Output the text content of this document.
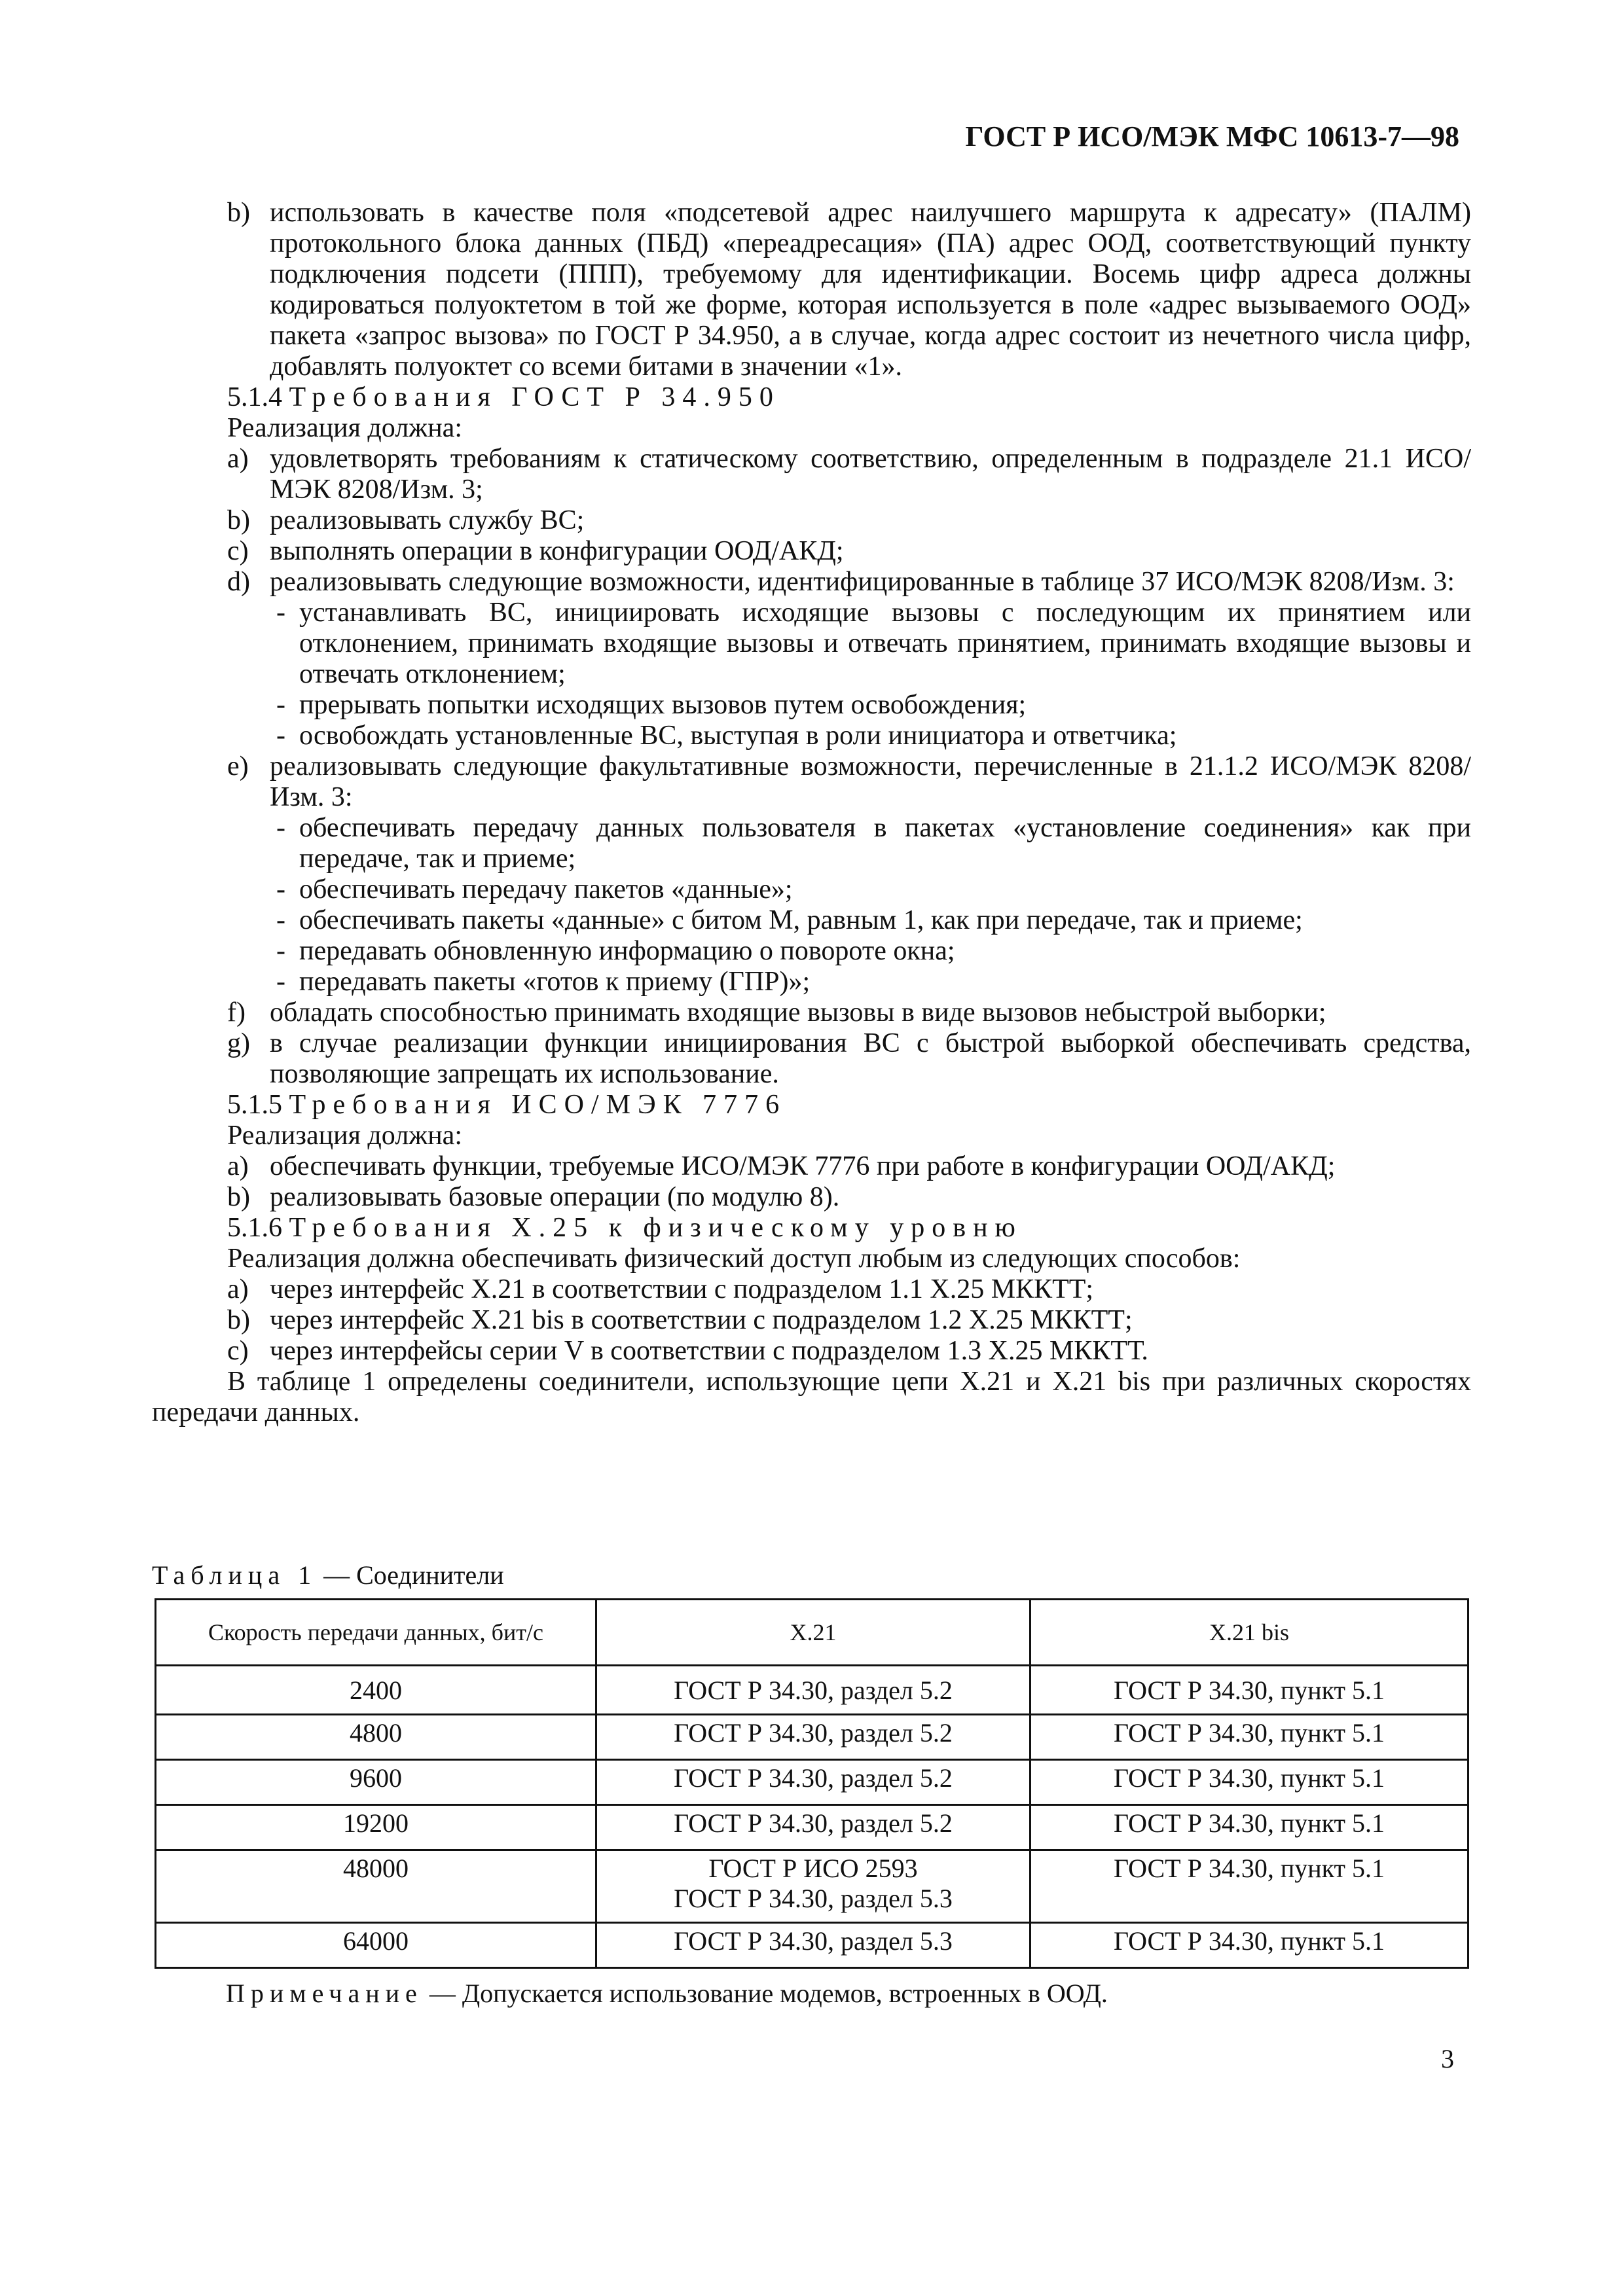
ГОСТ Р ИСО/МЭК МФС 10613-7—98
b) использовать в качестве поля «подсетевой адрес наилучшего маршрута к адресату» (ПАЛМ) протокольного блока данных (ПБД) «переадресация» (ПА) адрес ООД, соответствующий пункту подключения подсети (ППП), требуемому для идентификации. Восемь цифр адреса должны кодироваться полуоктетом в той же форме, которая используется в поле «адрес вызываемого ООД» пакета «запрос вызова» по ГОСТ Р 34.950, а в случае, когда адрес состоит из нечетного числа цифр, добавлять полуоктет со всеми битами в значении «1».
5.1.4 Требования ГОСТ Р 34.950

Реализация должна:

a) удовлетворять требованиям к статическому соответствию, определенным в подразделе 21.1 ИСО/МЭК 8208/Изм. 3;
b) реализовывать службу ВС;
c) выполнять операции в конфигурации ООД/АКД;
d) реализовывать следующие возможности, идентифицированные в таблице 37 ИСО/МЭК 8208/Изм. 3:
- устанавливать ВС, инициировать исходящие вызовы с последующим их принятием или отклонением, принимать входящие вызовы и отвечать принятием, принимать входящие вызовы и отвечать отклонением;
- прерывать попытки исходящих вызовов путем освобождения;
- освобождать установленные ВС, выступая в роли инициатора и ответчика;
e) реализовывать следующие факультативные возможности, перечисленные в 21.1.2 ИСО/МЭК 8208/Изм. 3:
- обеспечивать передачу данных пользователя в пакетах «установление соединения» как при передаче, так и приеме;
- обеспечивать передачу пакетов «данные»;
- обеспечивать пакеты «данные» с битом М, равным 1, как при передаче, так и приеме;
- передавать обновленную информацию о повороте окна;
- передавать пакеты «готов к приему (ГПР)»;
f) обладать способностью принимать входящие вызовы в виде вызовов небыстрой выборки;
g) в случае реализации функции инициирования ВС с быстрой выборкой обеспечивать средства, позволяющие запрещать их использование.
5.1.5 Требования ИСО/МЭК 7776

Реализация должна:

a) обеспечивать функции, требуемые ИСО/МЭК 7776 при работе в конфигурации ООД/АКД;
b) реализовывать базовые операции (по модулю 8).
5.1.6 Требования Х.25 к физическому уровню

Реализация должна обеспечивать физический доступ любым из следующих способов:

a) через интерфейс Х.21 в соответствии с подразделом 1.1 Х.25 МККТТ;
b) через интерфейс Х.21 bis в соответствии с подразделом 1.2 Х.25 МККТТ;
c) через интерфейсы серии V в соответствии с подразделом 1.3 Х.25 МККТТ.

В таблице 1 определены соединители, использующие цепи Х.21 и Х.21 bis при различных скоростях передачи данных.

Таблица 1 — Соединители
Скорость передачи данных, бит/с	Х.21	Х.21 bis
2400	ГОСТ Р 34.30, раздел 5.2	ГОСТ Р 34.30, пункт 5.1
4800	ГОСТ Р 34.30, раздел 5.2	ГОСТ Р 34.30, пункт 5.1
9600	ГОСТ Р 34.30, раздел 5.2	ГОСТ Р 34.30, пункт 5.1
19200	ГОСТ Р 34.30, раздел 5.2	ГОСТ Р 34.30, пункт 5.1
48000	ГОСТ Р ИСО 2593
ГОСТ Р 34.30, раздел 5.3	ГОСТ Р 34.30, пункт 5.1
64000	ГОСТ Р 34.30, раздел 5.3	ГОСТ Р 34.30, пункт 5.1
Примечание — Допускается использование модемов, встроенных в ООД.
3
